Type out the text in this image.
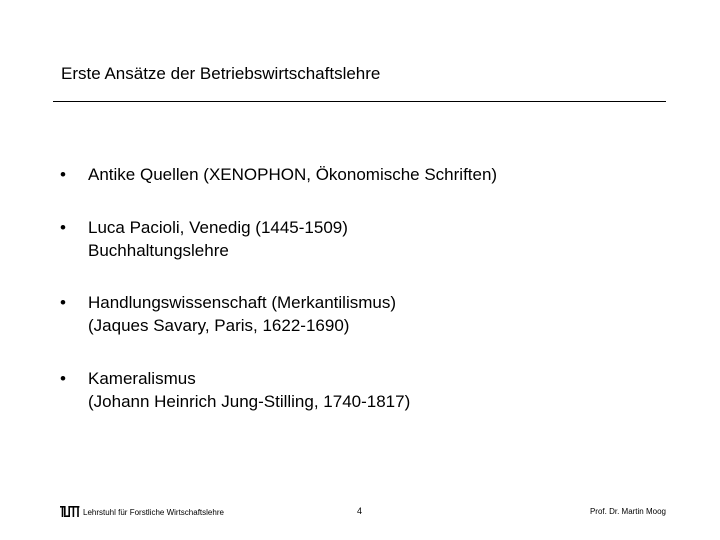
Erste Ansätze der Betriebswirtschaftslehre
•	Antike Quellen (XENOPHON, Ökonomische Schriften)
•	Luca Pacioli, Venedig (1445-1509)
Buchhaltungslehre
•	Handlungswissenschaft (Merkantilismus)
(Jaques Savary, Paris, 1622-1690)
•	Kameralismus
(Johann Heinrich Jung-Stilling, 1740-1817)
Lehrstuhl für Forstliche Wirtschaftslehre	4	Prof. Dr. Martin Moog
